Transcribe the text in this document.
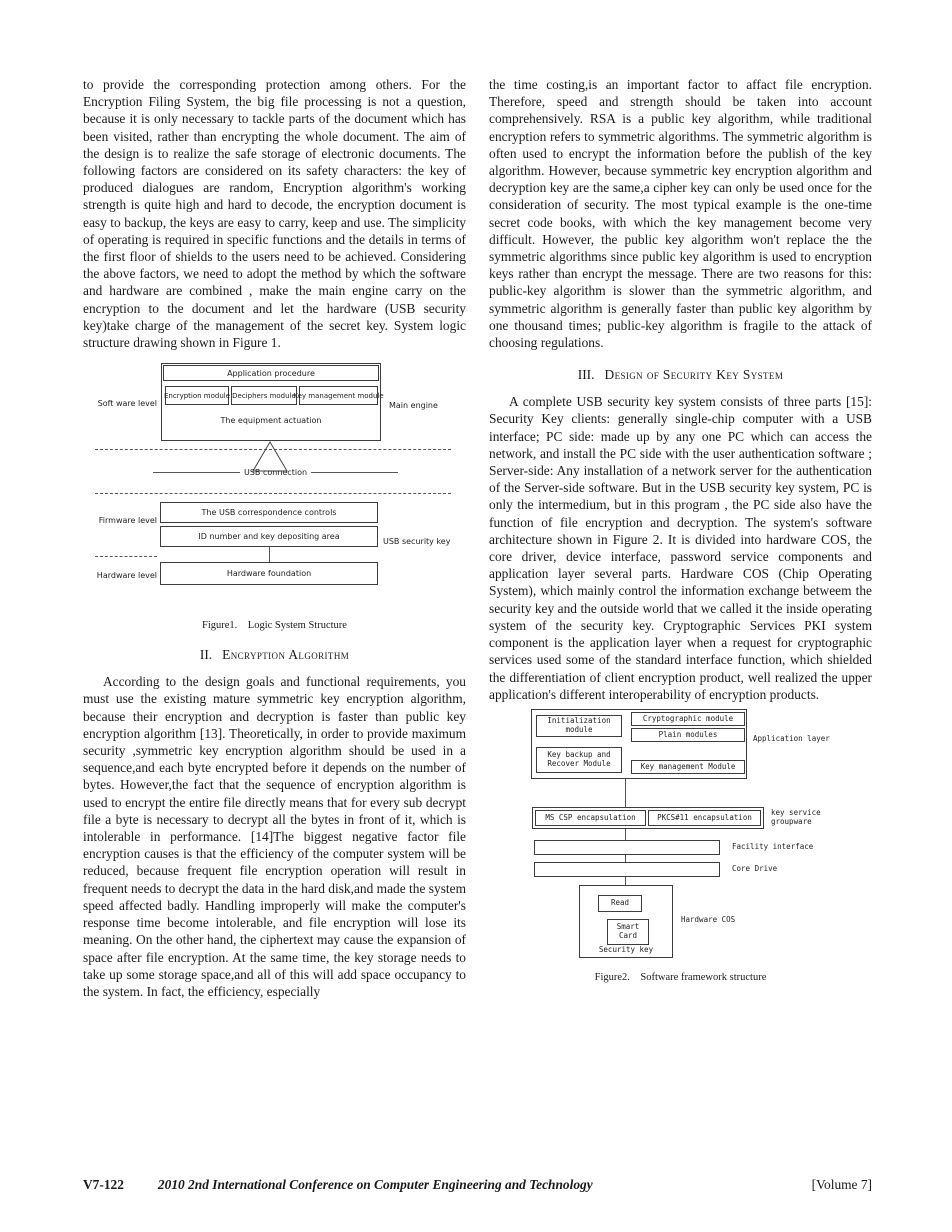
to provide the corresponding protection among others. For the Encryption Filing System, the big file processing is not a question, because it is only necessary to tackle parts of the document which has been visited, rather than encrypting the whole document. The aim of the design is to realize the safe storage of electronic documents. The following factors are considered on its safety characters: the key of produced dialogues are random, Encryption algorithm's working strength is quite high and hard to decode, the encryption document is easy to backup, the keys are easy to carry, keep and use. The simplicity of operating is required in specific functions and the details in terms of the first floor of shields to the users need to be achieved. Considering the above factors, we need to adopt the method by which the software and hardware are combined , make the main engine carry on the encryption to the document and let the hardware (USB security key)take charge of the management of the secret key. System logic structure drawing shown in Figure 1.

Application procedure
Encryption module Deciphers module
Key management module
The equipment actuation
Soft ware level	Main engine
USB connection
The USB correspondence controls
ID number and key depositing area
Hardware foundation
Firmware level
Hardware level
USB security key
Figure1.    Logic System Structure
II. Encryption Algorithm

According to the design goals and functional requirements, you must use the existing mature symmetric key encryption algorithm, because their encryption and decryption is faster than public key encryption algorithm [13]. Theoretically, in order to provide maximum security ,symmetric key encryption algorithm should be used in a sequence,and each byte encrypted before it depends on the number of bytes. However,the fact that the sequence of encryption algorithm is used to encrypt the entire file directly means that for every sub decrypt file a byte is necessary to decrypt all the bytes in front of it, which is intolerable in performance. [14]The biggest negative factor file encryption causes is that the efficiency of the computer system will be reduced, because frequent file encryption operation will result in frequent needs to decrypt the data in the hard disk,and made the system speed affected badly. Handling improperly will make the computer's response time become intolerable, and file encryption will lose its meaning. On the other hand, the ciphertext may cause the expansion of space after file encryption. At the same time, the key storage needs to take up some storage space,and all of this will add space occupancy to the system. In fact, the efficiency, especially

the time costing,is an important factor to affact file encryption. Therefore, speed and strength should be taken into account comprehensively. RSA is a public key algorithm, while traditional encryption refers to symmetric algorithms. The symmetric algorithm is often used to encrypt the information before the publish of the key algorithm. However, because symmetric key encryption algorithm and decryption key are the same,a cipher key can only be used once for the consideration of security. The most typical example is the one-time secret code books, with which the key management become very difficult. However, the public key algorithm won't replace the the symmetric algorithms since public key algorithm is used to encryption keys rather than encrypt the message. There are two reasons for this: public-key algorithm is slower than the symmetric algorithm, and symmetric algorithm is generally faster than public key algorithm by one thousand times; public-key algorithm is fragile to the attack of choosing regulations.

III. Design of Security Key System

A complete USB security key system consists of three parts [15]: Security Key clients: generally single-chip computer with a USB interface; PC side: made up by any one PC which can access the network, and install the PC side with the user authentication software ; Server-side: Any installation of a network server for the authentication of the Server-side software. But in the USB security key system, PC is only the intermedium, but in this program , the PC side also have the function of file encryption and decryption. The system's software architecture shown in Figure 2. It is divided into hardware COS, the core driver, device interface, password service components and application layer several parts. Hardware COS (Chip Operating System), which mainly control the information exchange betweem the security key and the outside world that we called it the inside operating system of the security key. Cryptographic Services PKI system component is the application layer when a request for cryptographic services used some of the standard interface function, which shielded the differentiation of client encryption product, well realized the upper application's different interoperability of encryption products.

Initialization module
Cryptographic module
Plain modules
Key backup and Recover Module	Key management Module
Application layer
MS CSP encapsulation	PKCS#11 encapsulation
key service groupware
Facility interface
Core Drive
Read
Smart Card
Security key
Hardware COS
Figure2.    Software framework structure
V7-122	2010 2nd International Conference on Computer Engineering and Technology	[Volume 7]
